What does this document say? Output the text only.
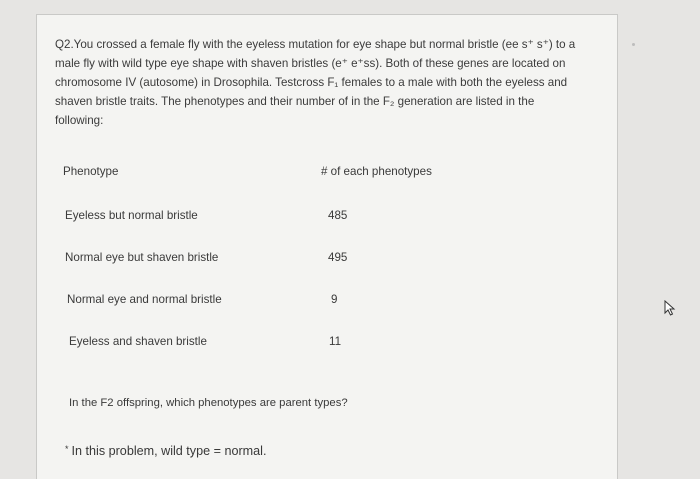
Q2.You crossed a female fly with the eyeless mutation for eye shape but normal bristle (ee s⁺ s⁺) to a
male fly with wild type eye shape with shaven bristles (e⁺ e⁺ss). Both of these genes are located on
chromosome IV (autosome) in Drosophila. Testcross F₁ females to a male with both the eyeless and
shaven bristle traits. The phenotypes and their number of in the F₂ generation are listed in the
following:
Phenotype	# of each phenotypes
Eyeless but normal bristle	485
Normal eye but shaven bristle	495
Normal eye and normal bristle	9
Eyeless and shaven bristle	11
In the F2 offspring, which phenotypes are parent types?
* In this problem, wild type = normal.
